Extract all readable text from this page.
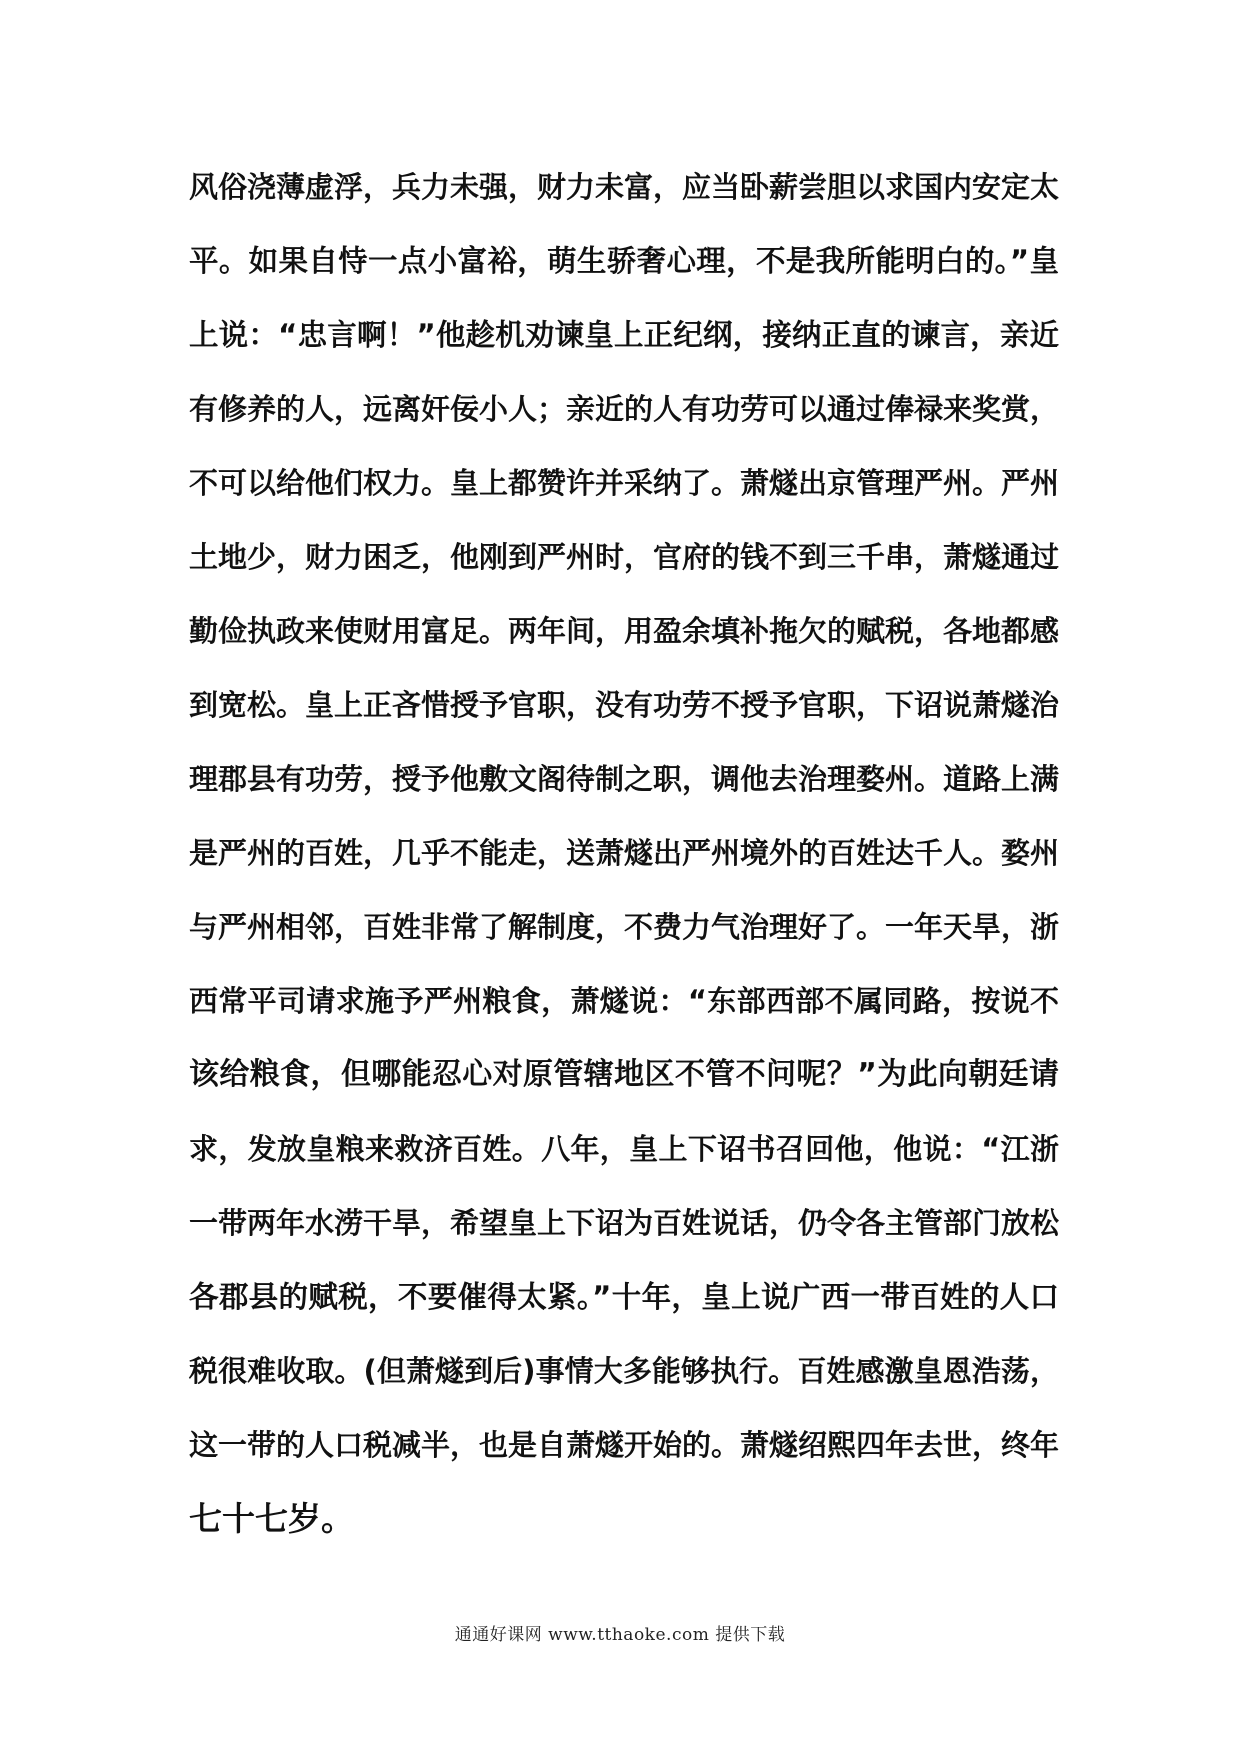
风俗浇薄虚浮，兵力未强，财力未富，应当卧薪尝胆以求国内安定太
平。如果自恃一点小富裕，萌生骄奢心理，不是我所能明白的。”皇
上说：“忠言啊！”他趁机劝谏皇上正纪纲，接纳正直的谏言，亲近
有修养的人，远离奸佞小人；亲近的人有功劳可以通过俸禄来奖赏，
不可以给他们权力。皇上都赞许并采纳了。萧燧出京管理严州。严州
土地少，财力困乏，他刚到严州时，官府的钱不到三千串，萧燧通过
勤俭执政来使财用富足。两年间，用盈余填补拖欠的赋税，各地都感
到宽松。皇上正吝惜授予官职，没有功劳不授予官职，下诏说萧燧治
理郡县有功劳，授予他敷文阁待制之职，调他去治理婺州。道路上满
是严州的百姓，几乎不能走，送萧燧出严州境外的百姓达千人。婺州
与严州相邻，百姓非常了解制度，不费力气治理好了。一年天旱，浙
西常平司请求施予严州粮食，萧燧说：“东部西部不属同路，按说不
该给粮食，但哪能忍心对原管辖地区不管不问呢？”为此向朝廷请
求，发放皇粮来救济百姓。八年，皇上下诏书召回他，他说：“江浙
一带两年水涝干旱，希望皇上下诏为百姓说话，仍令各主管部门放松
各郡县的赋税，不要催得太紧。”十年，皇上说广西一带百姓的人口
税很难收取。(但萧燧到后)事情大多能够执行。百姓感激皇恩浩荡，
这一带的人口税减半，也是自萧燧开始的。萧燧绍熙四年去世，终年
七十七岁。
通通好课网 www.tthaoke.com 提供下载
